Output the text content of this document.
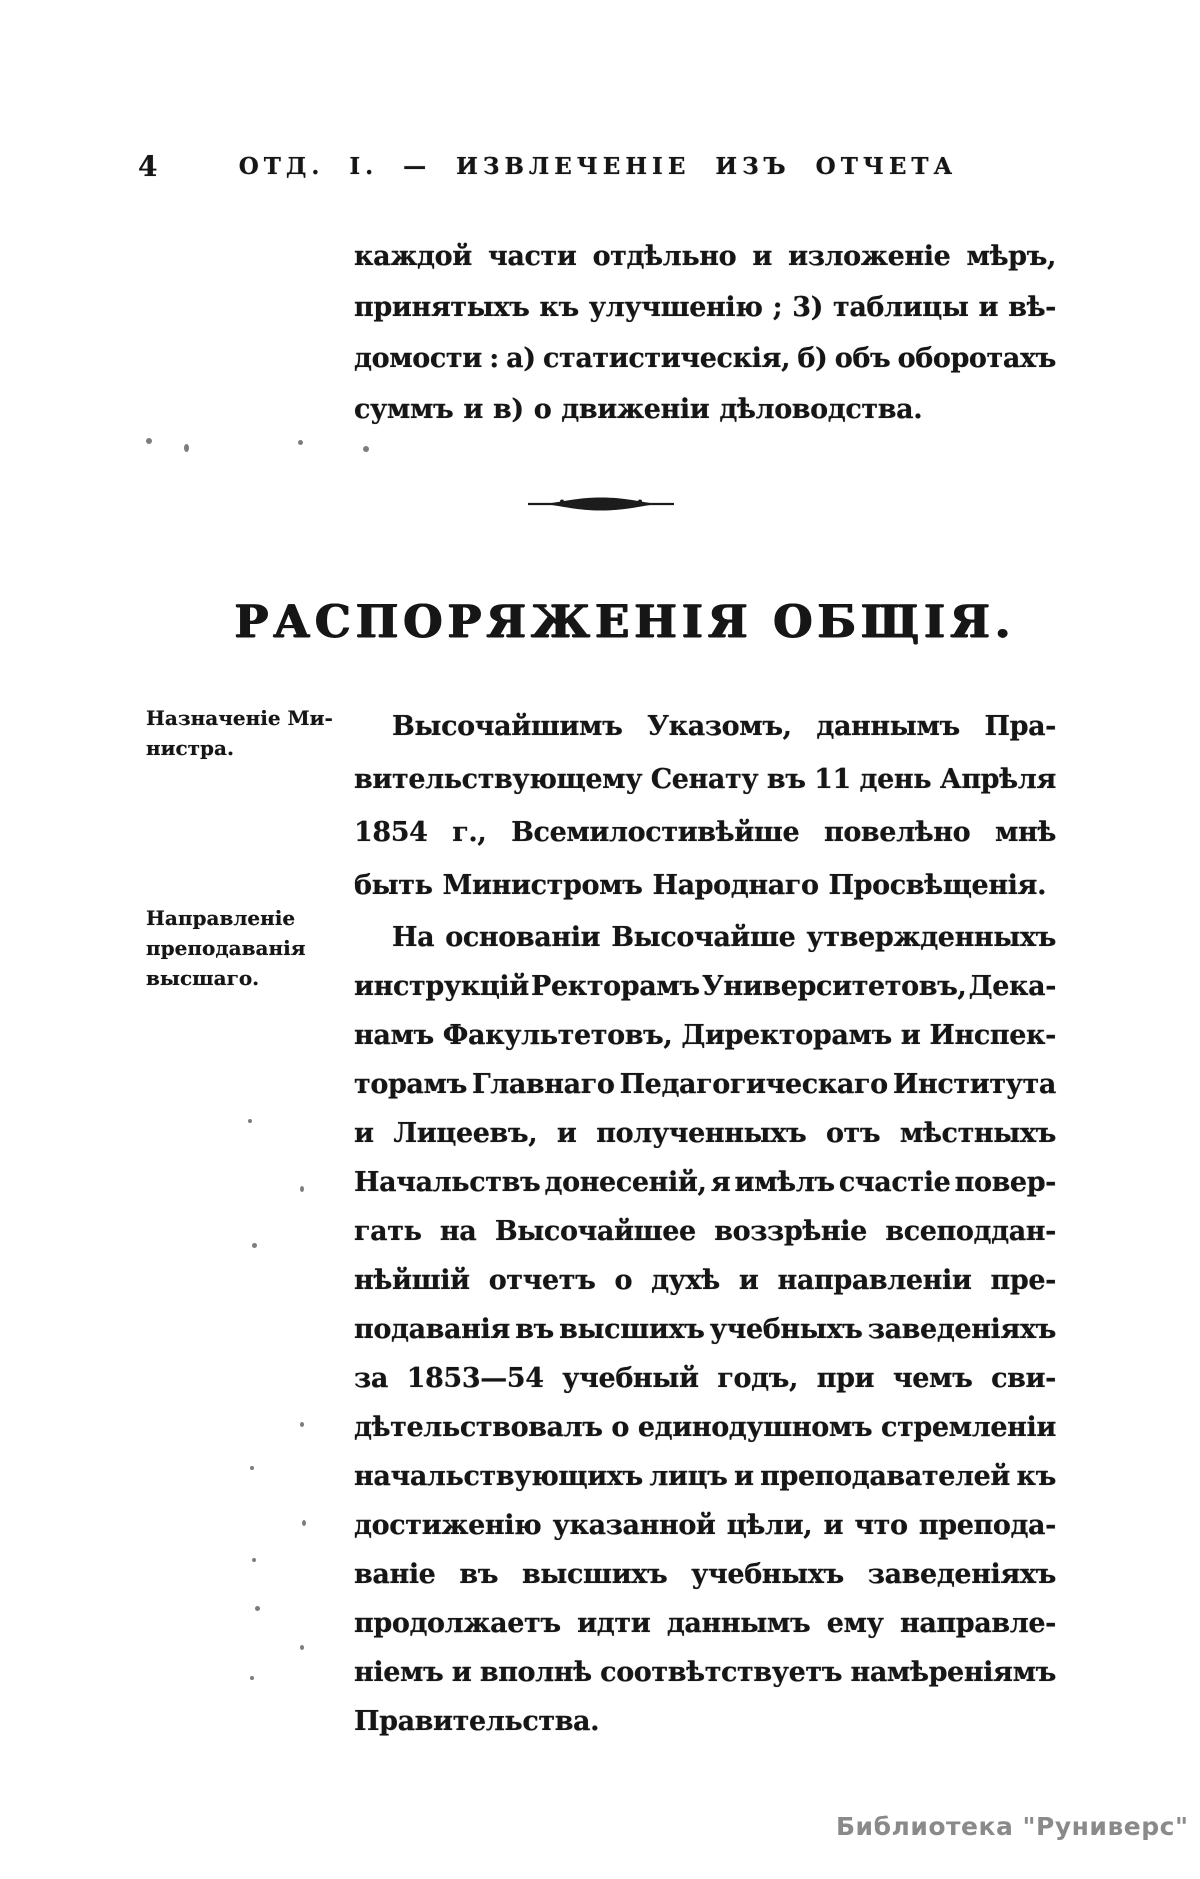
4	ОТД. I. — ИЗВЛЕЧЕНІЕ ИЗЪ ОТЧЕТА
каждой части отдѣльно и изложеніе мѣръ,
принятыхъ къ улучшенію ; 3) таблицы и вѣ-
домости : а) статистическія, б) объ оборотахъ
суммъ и в) о движеніи дѣловодства.
РАСПОРЯЖЕНІЯ ОБЩІЯ.
Назначеніе Ми-
нистра.
Высочайшимъ Указомъ, даннымъ Пра-
вительствующему Сенату въ 11 день Апрѣля
1854 г., Всемилостивѣйше повелѣно мнѣ
быть Министромъ Народнаго Просвѣщенія.
Направленіе
преподаванія
высшаго.
На основаніи Высочайше утвержденныхъ
инструкцій Ректорамъ Университетовъ, Дека-
намъ Факультетовъ, Директорамъ и Инспек-
торамъ Главнаго Педагогическаго Института
и Лицеевъ, и полученныхъ отъ мѣстныхъ
Начальствъ донесеній, я имѣлъ счастіе повер-
гать на Высочайшее воззрѣніе всеподдан-
нѣйшій отчетъ о духѣ и направленіи пре-
подаванія въ высшихъ учебныхъ заведеніяхъ
за 1853—54 учебный годъ, при чемъ сви-
дѣтельствовалъ о единодушномъ стремленіи
начальствующихъ лицъ и преподавателей къ
достиженію указанной цѣли, и что препода-
ваніе въ высшихъ учебныхъ заведеніяхъ
продолжаетъ идти даннымъ ему направле-
ніемъ и вполнѣ соотвѣтствуетъ намѣреніямъ
Правительства.
Библиотека "Руниверс"
